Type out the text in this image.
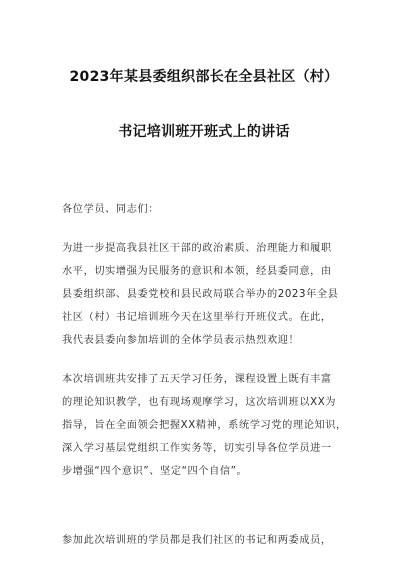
2023年某县委组织部长在全县社区（村）
书记培训班开班式上的讲话
各位学员、同志们：
为进一步提高我县社区干部的政治素质、治理能力和履职
水平，切实增强为民服务的意识和本领，经县委同意，由
县委组织部、县委党校和县民政局联合举办的2023年全县
社区（村）书记培训班今天在这里举行开班仪式。在此，
我代表县委向参加培训的全体学员表示热烈欢迎！
本次培训班共安排了五天学习任务，课程设置上既有丰富
的理论知识教学，也有现场观摩学习，这次培训班以XX为
指导，旨在全面领会把握XX精神，系统学习党的理论知识，
深入学习基层党组织工作实务等，切实引导各位学员进一
步增强“四个意识”、坚定“四个自信”。
参加此次培训班的学员都是我们社区的书记和两委成员，
